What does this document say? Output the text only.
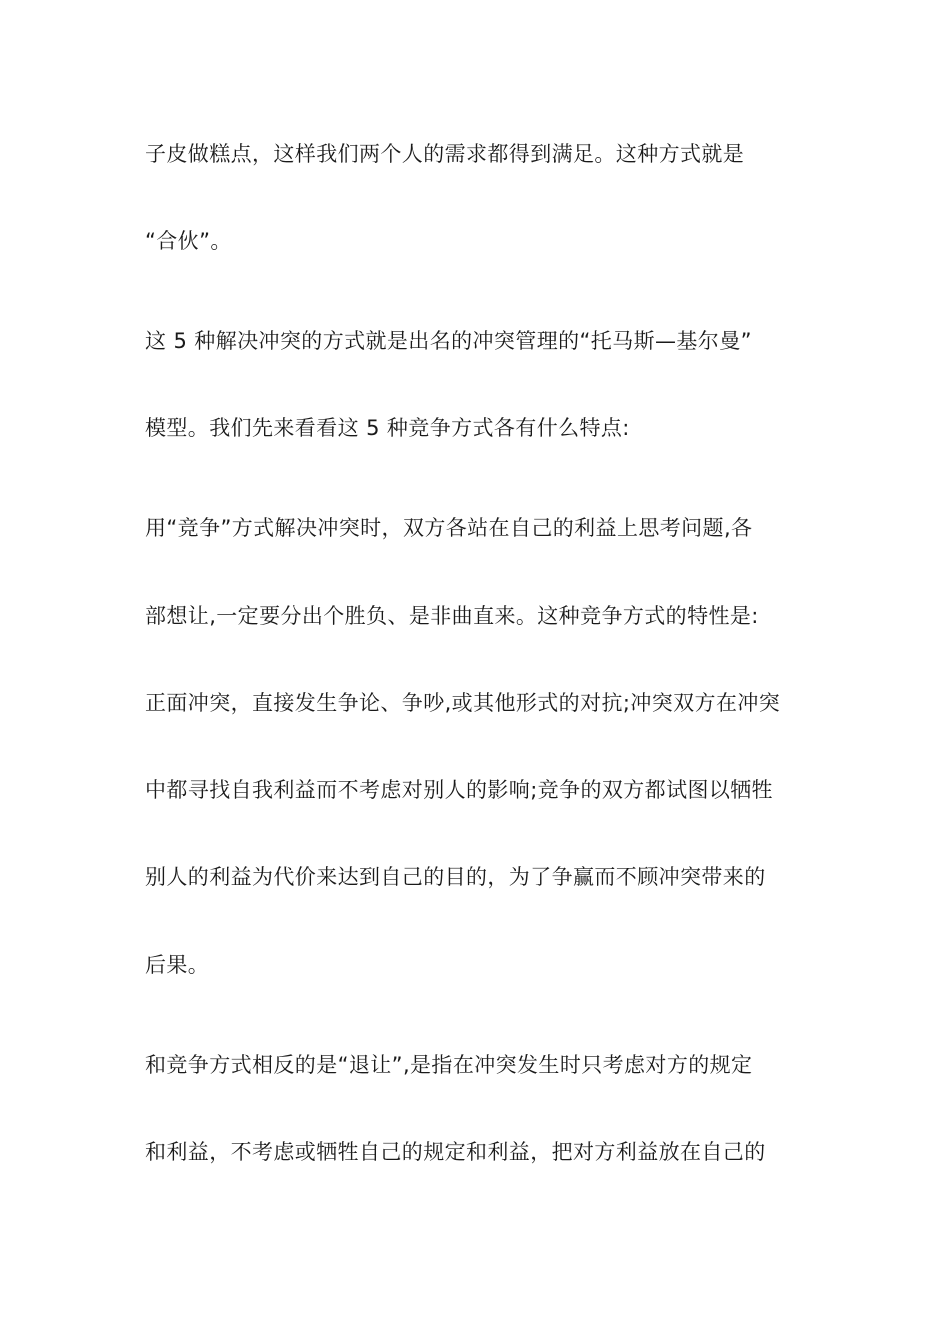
子皮做糕点，这样我们两个人的需求都得到满足。这种方式就是
“合伙”。
这 5 种解决冲突的方式就是出名的冲突管理的“托马斯—基尔曼”
模型。我们先来看看这 5 种竞争方式各有什么特点:
用“竞争”方式解决冲突时，双方各站在自己的利益上思考问题,各
部想让,一定要分出个胜负、是非曲直来。这种竞争方式的特性是:
正面冲突，直接发生争论、争吵,或其他形式的对抗;冲突双方在冲突
中都寻找自我利益而不考虑对别人的影响;竞争的双方都试图以牺牲
别人的利益为代价来达到自己的目的，为了争赢而不顾冲突带来的
后果。
和竞争方式相反的是“退让”,是指在冲突发生时只考虑对方的规定
和利益，不考虑或牺牲自己的规定和利益，把对方利益放在自己的
